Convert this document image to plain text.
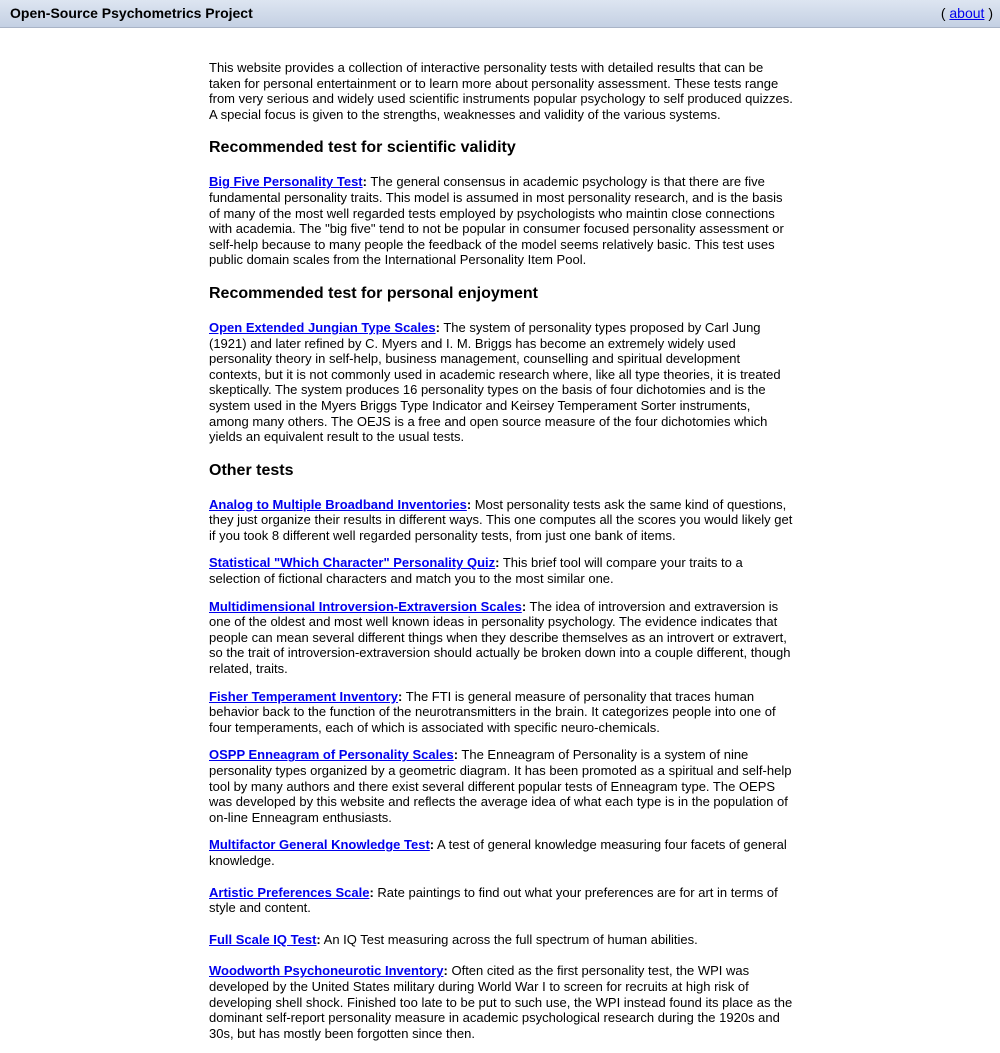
Open-Source Psychometrics Project	( about )

This website provides a collection of interactive personality tests with detailed results that can be taken for personal entertainment or to learn more about personality assessment. These tests range from very serious and widely used scientific instruments popular psychology to self produced quizzes. A special focus is given to the strengths, weaknesses and validity of the various systems.

Recommended test for scientific validity

Big Five Personality Test: The general consensus in academic psychology is that there are five fundamental personality traits. This model is assumed in most personality research, and is the basis of many of the most well regarded tests employed by psychologists who maintin close connections with academia. The "big five" tend to not be popular in consumer focused personality assessment or self-help because to many people the feedback of the model seems relatively basic. This test uses public domain scales from the International Personality Item Pool.

Recommended test for personal enjoyment

Open Extended Jungian Type Scales: The system of personality types proposed by Carl Jung (1921) and later refined by C. Myers and I. M. Briggs has become an extremely widely used personality theory in self-help, business management, counselling and spiritual development contexts, but it is not commonly used in academic research where, like all type theories, it is treated skeptically. The system produces 16 personality types on the basis of four dichotomies and is the system used in the Myers Briggs Type Indicator and Keirsey Temperament Sorter instruments, among many others. The OEJS is a free and open source measure of the four dichotomies which yields an equivalent result to the usual tests.

Other tests

Analog to Multiple Broadband Inventories: Most personality tests ask the same kind of questions, they just organize their results in different ways. This one computes all the scores you would likely get if you took 8 different well regarded personality tests, from just one bank of items.

Statistical "Which Character" Personality Quiz: This brief tool will compare your traits to a selection of fictional characters and match you to the most similar one.

Multidimensional Introversion-Extraversion Scales: The idea of introversion and extraversion is one of the oldest and most well known ideas in personality psychology. The evidence indicates that people can mean several different things when they describe themselves as an introvert or extravert, so the trait of introversion-extraversion should actually be broken down into a couple different, though related, traits.

Fisher Temperament Inventory: The FTI is general measure of personality that traces human behavior back to the function of the neurotransmitters in the brain. It categorizes people into one of four temperaments, each of which is associated with specific neuro-chemicals.

OSPP Enneagram of Personality Scales: The Enneagram of Personality is a system of nine personality types organized by a geometric diagram. It has been promoted as a spiritual and self-help tool by many authors and there exist several different popular tests of Enneagram type. The OEPS was developed by this website and reflects the average idea of what each type is in the population of on-line Enneagram enthusiasts.

Multifactor General Knowledge Test: A test of general knowledge measuring four facets of general knowledge.

Artistic Preferences Scale: Rate paintings to find out what your preferences are for art in terms of style and content.

Full Scale IQ Test: An IQ Test measuring across the full spectrum of human abilities.

Woodworth Psychoneurotic Inventory: Often cited as the first personality test, the WPI was developed by the United States military during World War I to screen for recruits at high risk of developing shell shock. Finished too late to be put to such use, the WPI instead found its place as the dominant self-report personality measure in academic psychological research during the 1920s and 30s, but has mostly been forgotten since then.
